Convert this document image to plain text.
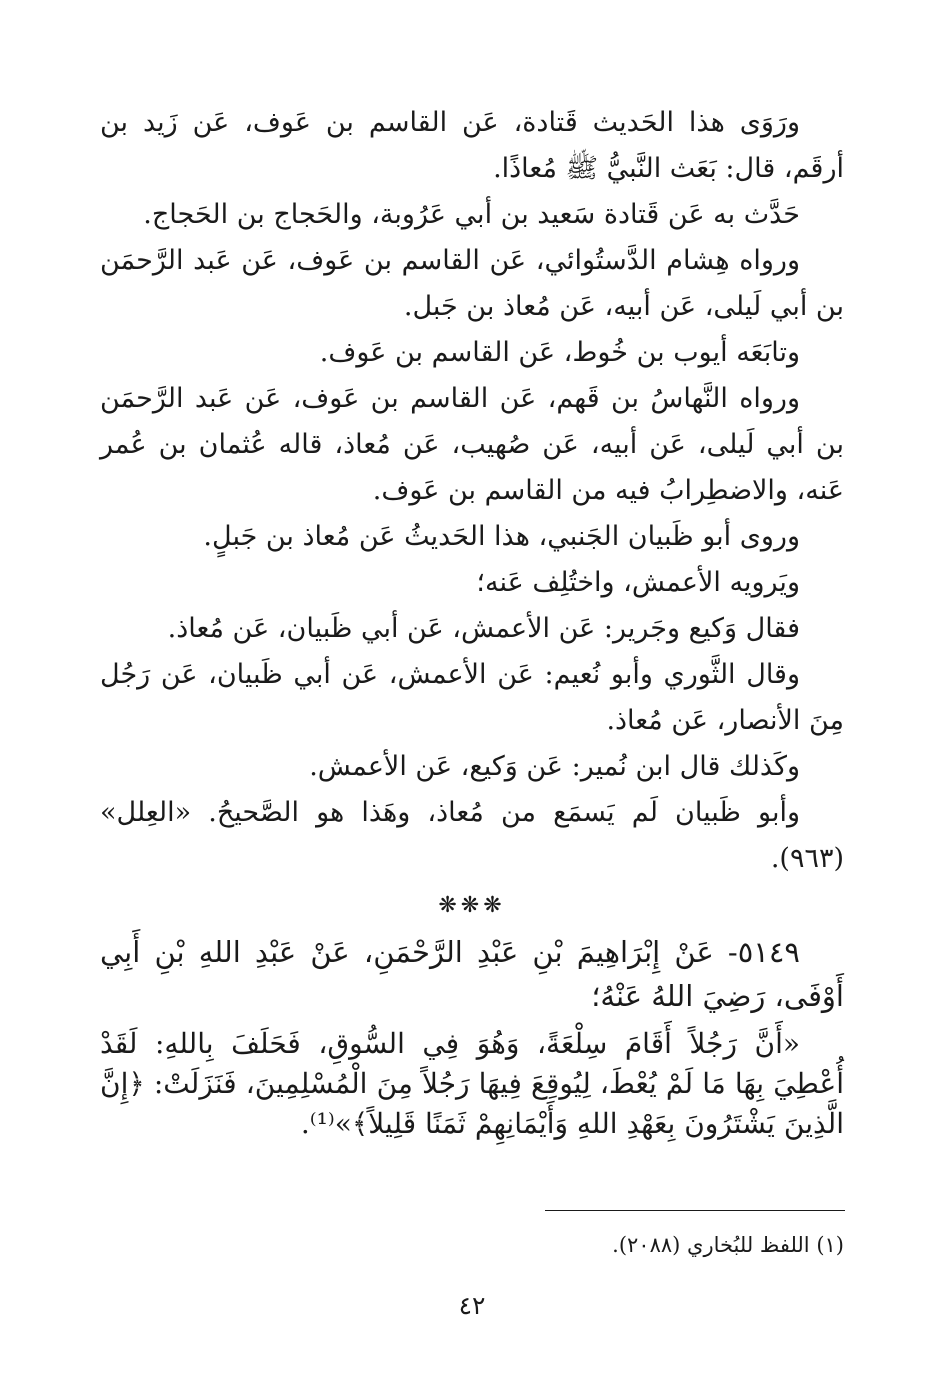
ورَوَى هذا الحَديث قَتادة، عَن القاسم بن عَوف، عَن زَيد بن أرقَم، قال: بَعَث النَّبيُّ ﷺ مُعاذًا.

حَدَّث به عَن قَتادة سَعيد بن أبي عَرُوبة، والحَجاج بن الحَجاج.

ورواه هِشام الدَّستُوائي، عَن القاسم بن عَوف، عَن عَبد الرَّحمَن بن أبي لَيلى، عَن أبيه، عَن مُعاذ بن جَبل.

وتابَعَه أيوب بن خُوط، عَن القاسم بن عَوف.

ورواه النَّهاسُ بن قَهم، عَن القاسم بن عَوف، عَن عَبد الرَّحمَن بن أبي لَيلى، عَن أبيه، عَن صُهيب، عَن مُعاذ، قاله عُثمان بن عُمر عَنه، والاضطِرابُ فيه من القاسم بن عَوف.

وروى أبو ظَبيان الجَنبي، هذا الحَديثُ عَن مُعاذ بن جَبلٍ.

ويَرويه الأعمش، واختُلِف عَنه؛

فقال وَكيع وجَرير: عَن الأعمش، عَن أبي ظَبيان، عَن مُعاذ.

وقال الثَّوري وأبو نُعيم: عَن الأعمش، عَن أبي ظَبيان، عَن رَجُل مِنَ الأنصار، عَن مُعاذ.

وكَذلك قال ابن نُمير: عَن وَكيع، عَن الأعمش.

وأبو ظَبيان لَم يَسمَع من مُعاذ، وهَذا هو الصَّحيحُ. «العِلل» (٩٦٣).

❋❋❋

٥١٤٩- عَنْ إِبْرَاهِيمَ بْنِ عَبْدِ الرَّحْمَنِ، عَنْ عَبْدِ اللهِ بْنِ أَبِي أَوْفَى، رَضِيَ اللهُ عَنْهُ؛

«أَنَّ رَجُلاً أَقَامَ سِلْعَةً، وَهُوَ فِي السُّوقِ، فَحَلَفَ بِاللهِ: لَقَدْ أُعْطِيَ بِهَا مَا لَمْ يُعْطَ، لِيُوقِعَ فِيهَا رَجُلاً مِنَ الْمُسْلِمِينَ، فَنَزَلَتْ: ﴿إِنَّ الَّذِينَ يَشْتَرُونَ بِعَهْدِ اللهِ وَأَيْمَانِهِمْ ثَمَنًا قَلِيلاً﴾»⁽¹⁾.

(١) اللفظ للبُخاري (٢٠٨٨).

٤٢
